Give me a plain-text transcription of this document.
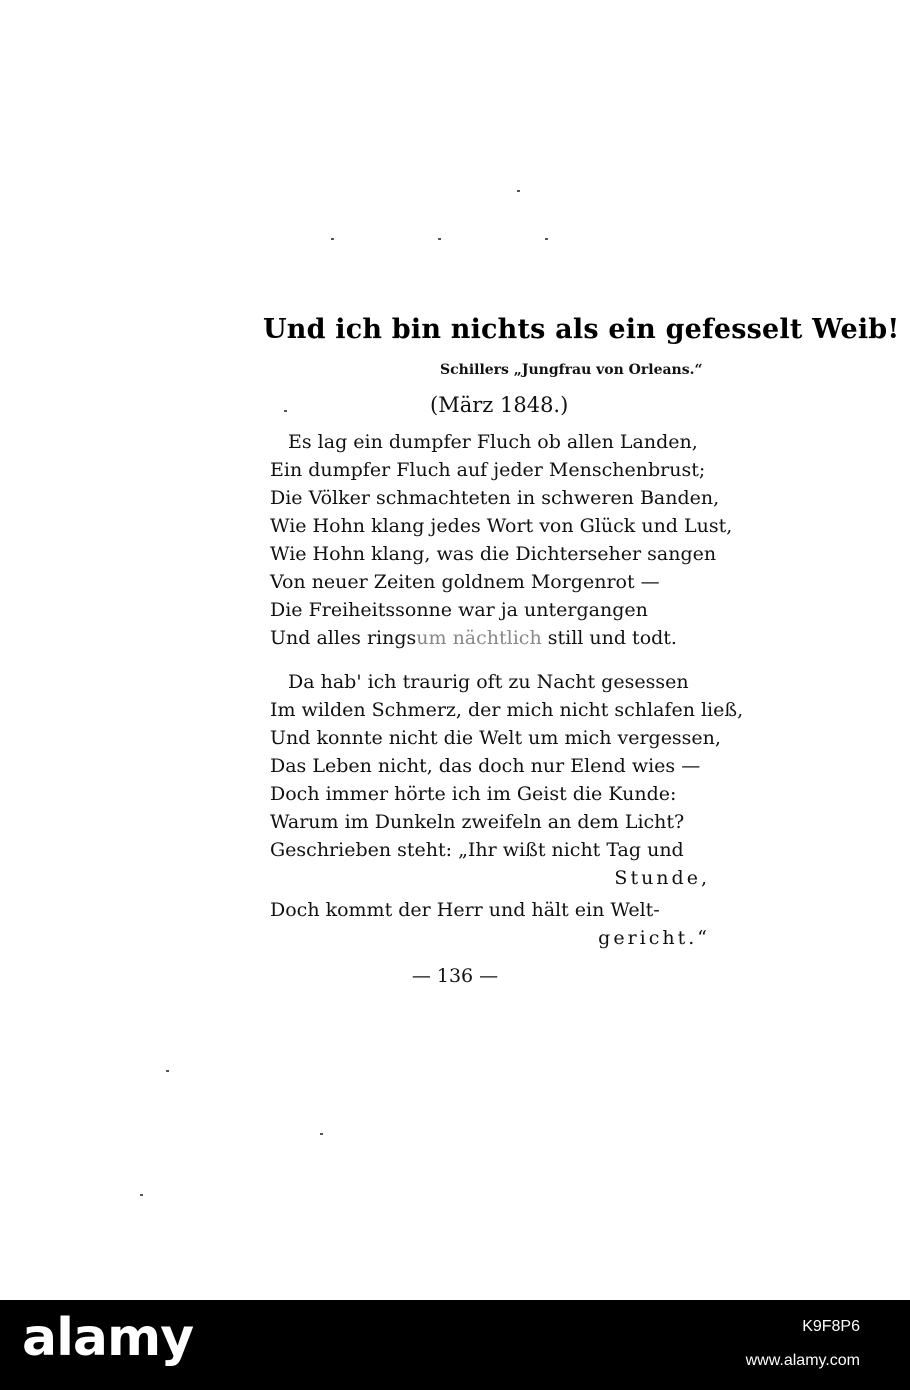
Und ich bin nichts als ein gefesselt Weib!
Schillers „Jungfrau von Orleans.“
(März 1848.)
Es lag ein dumpfer Fluch ob allen Landen,
Ein dumpfer Fluch auf jeder Menschenbrust;
Die Völker schmachteten in schweren Banden,
Wie Hohn klang jedes Wort von Glück und Lust,
Wie Hohn klang, was die Dichterseher sangen
Von neuer Zeiten goldnem Morgenrot —
Die Freiheitssonne war ja untergangen
Und alles ringsum nächtlich still und todt.
Da hab' ich traurig oft zu Nacht gesessen
Im wilden Schmerz, der mich nicht schlafen ließ,
Und konnte nicht die Welt um mich vergessen,
Das Leben nicht, das doch nur Elend wies —
Doch immer hörte ich im Geist die Kunde:
Warum im Dunkeln zweifeln an dem Licht?
Geschrieben steht: „Ihr wißt nicht Tag und
Stunde,
Doch kommt der Herr und hält ein Welt-
gericht.“
— 136 —
alamy	K9F8P6
www.alamy.com
